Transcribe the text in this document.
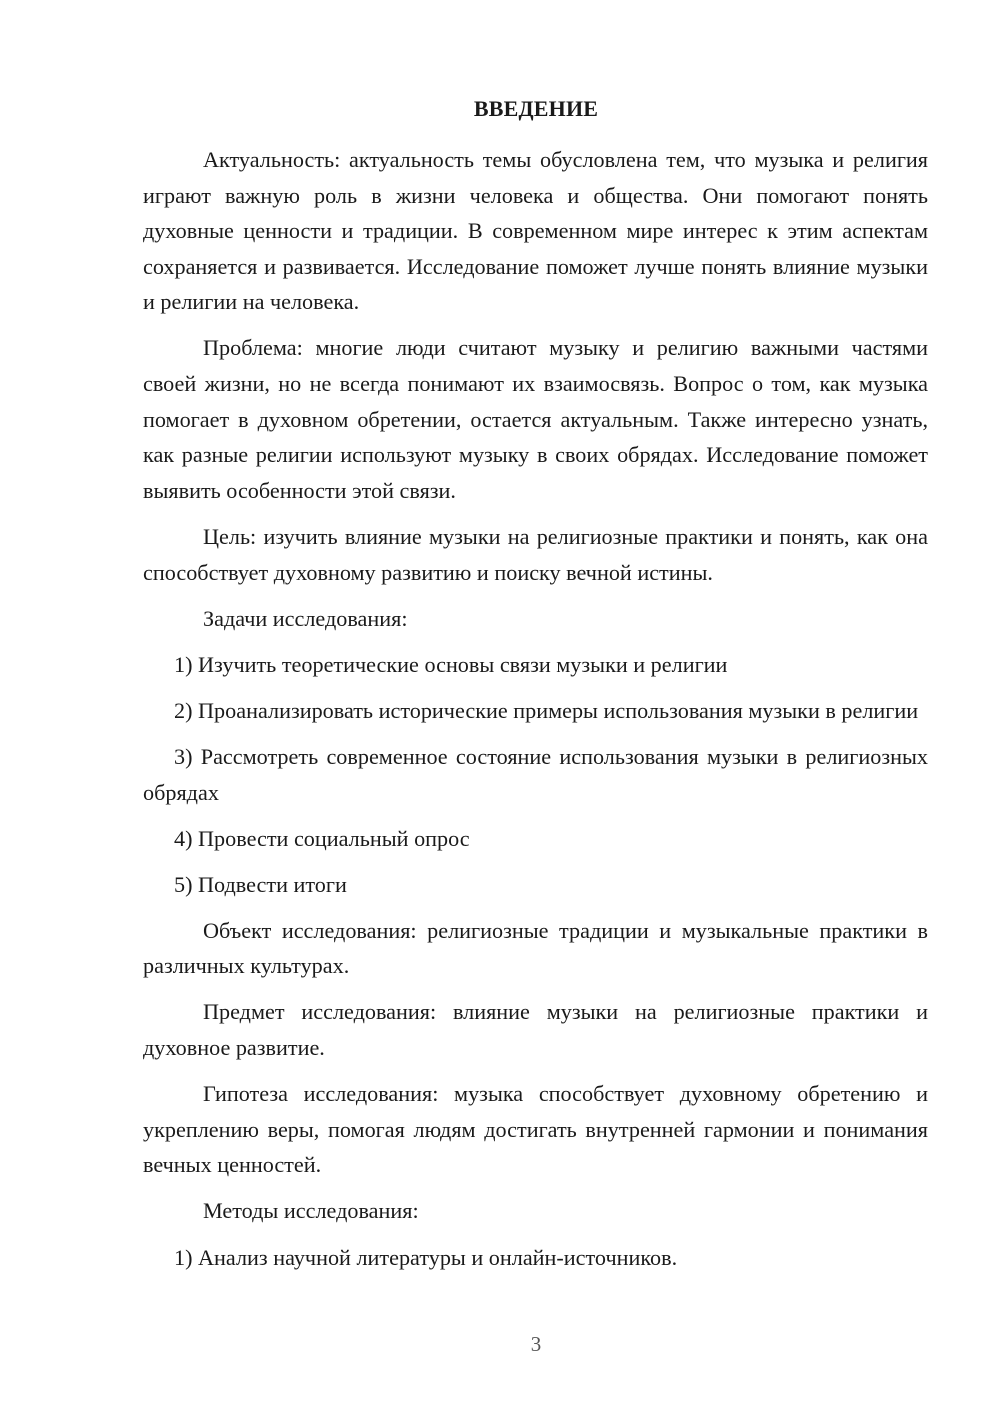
ВВЕДЕНИЕ

Актуальность: актуальность темы обусловлена тем, что музыка и религия играют важную роль в жизни человека и общества. Они помогают понять духовные ценности и традиции. В современном мире интерес к этим аспектам сохраняется и развивается. Исследование поможет лучше понять влияние музыки и религии на человека.

Проблема: многие люди считают музыку и религию важными частями своей жизни, но не всегда понимают их взаимосвязь. Вопрос о том, как музыка помогает в духовном обретении, остается актуальным. Также интересно узнать, как разные религии используют музыку в своих обрядах. Исследование поможет выявить особенности этой связи.

Цель: изучить влияние музыки на религиозные практики и понять, как она способствует духовному развитию и поиску вечной истины.

Задачи исследования:

1) Изучить теоретические основы связи музыки и религии

2) Проанализировать исторические примеры использования музыки в религии

3) Рассмотреть современное состояние использования музыки в религиозных обрядах

4) Провести социальный опрос

5) Подвести итоги

Объект исследования: религиозные традиции и музыкальные практики в различных культурах.

Предмет исследования: влияние музыки на религиозные практики и духовное развитие.

Гипотеза исследования: музыка способствует духовному обретению и укреплению веры, помогая людям достигать внутренней гармонии и понимания вечных ценностей.

Методы исследования:

1) Анализ научной литературы и онлайн-источников.

3
